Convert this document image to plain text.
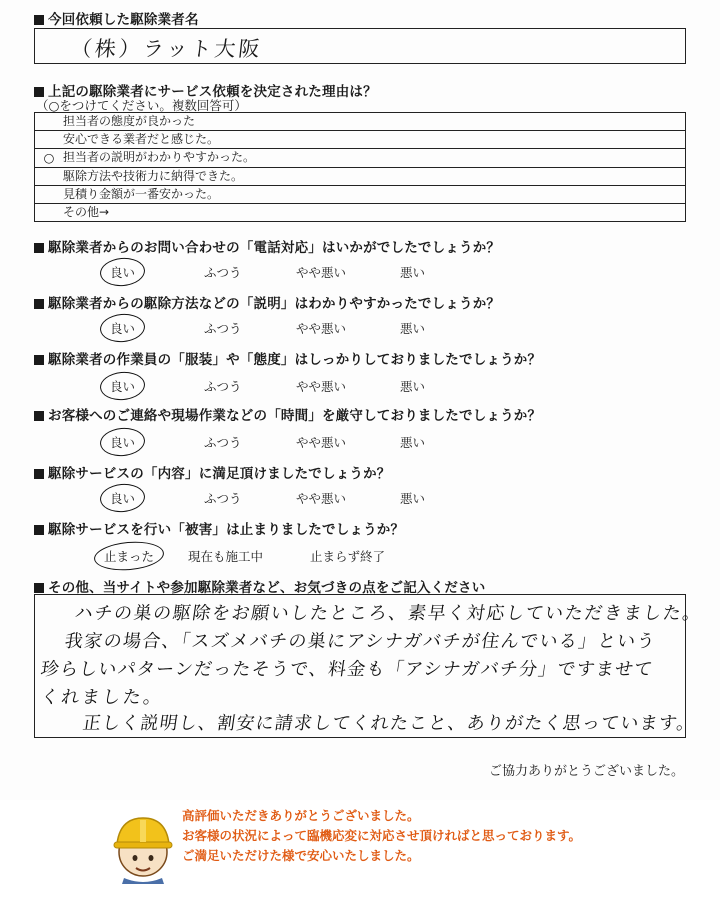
今回依頼した駆除業者名
（株）ラット大阪
上記の駆除業者にサービス依頼を決定された理由は？
（○をつけてください。複数回答可）
担当者の態度が良かった
安心できる業者だと感じた。
○ 担当者の説明がわかりやすかった。
駆除方法や技術力に納得できた。
見積り金額が一番安かった。
その他→
駆除業者からのお問い合わせの「電話対応」はいかがでしたでしょうか？
良い	ふつう	やや悪い	悪い
駆除業者からの駆除方法などの「説明」はわかりやすかったでしょうか？
良い	ふつう	やや悪い	悪い
駆除業者の作業員の「服装」や「態度」はしっかりしておりましたでしょうか？
良い	ふつう	やや悪い	悪い
お客様へのご連絡や現場作業などの「時間」を厳守しておりましたでしょうか？
良い	ふつう	やや悪い	悪い
駆除サービスの「内容」に満足頂けましたでしょうか？
良い	ふつう	やや悪い	悪い
駆除サービスを行い「被害」は止まりましたでしょうか？
止まった	現在も施工中	止まらず終了
その他、当サイトや参加駆除業者など、お気づきの点をご記入ください
ハチの巣の駆除をお願いしたところ、素早く対応していただきました。
我家の場合、「スズメバチの巣にアシナガバチが住んでいる」という
珍らしいパターンだったそうで、料金も「アシナガバチ分」ですませて
くれました。
正しく説明し、割安に請求してくれたこと、ありがたく思っています。
ご協力ありがとうございました。
高評価いただきありがとうございました。
お客様の状況によって臨機応変に対応させ頂ければと思っております。
ご満足いただけた様で安心いたしました。
